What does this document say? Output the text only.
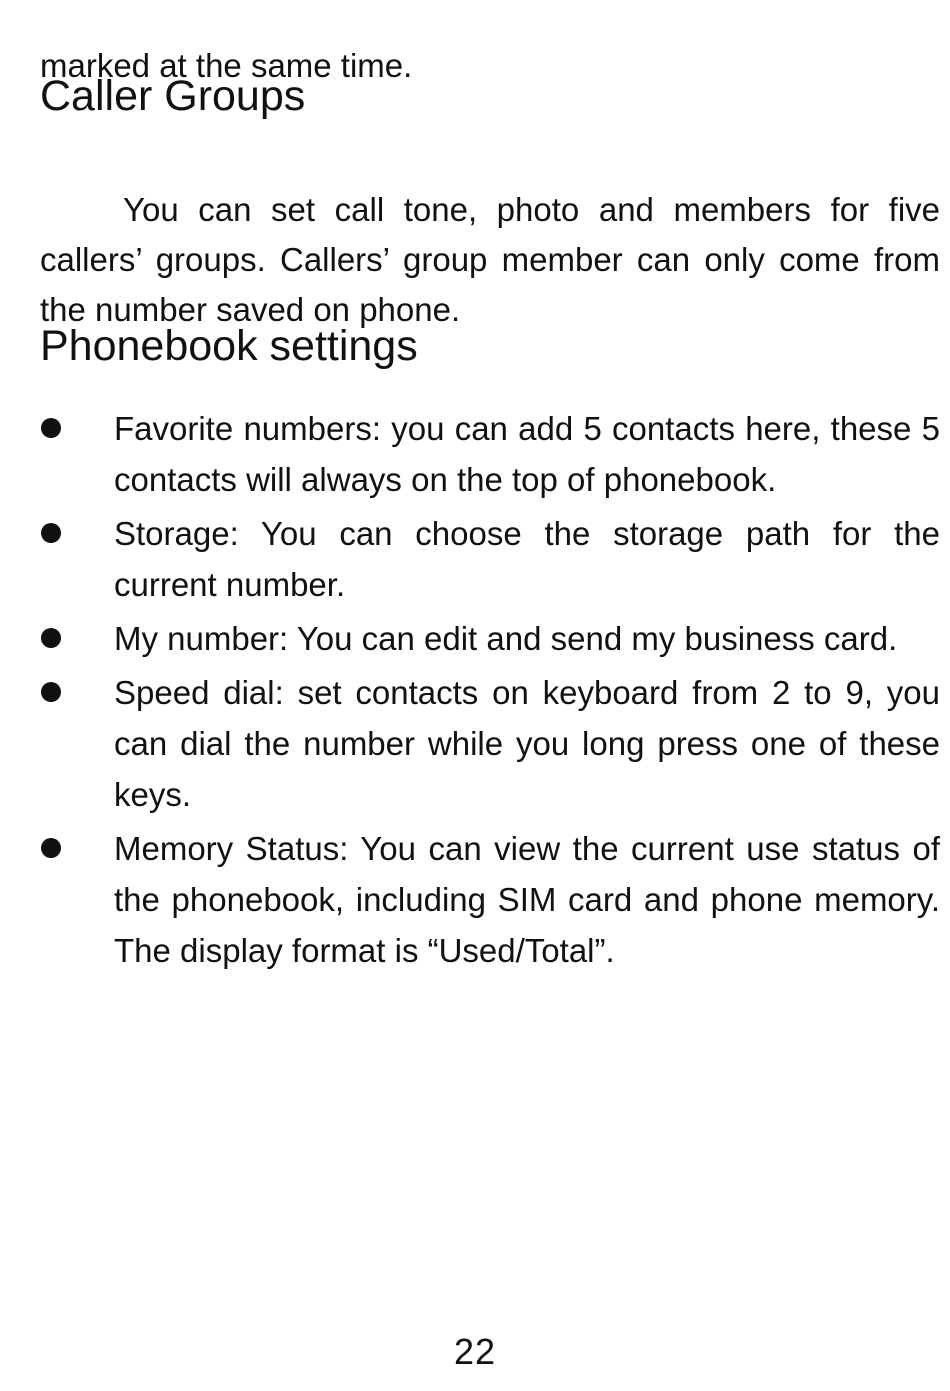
marked at the same time.

Caller Groups

You can set call tone, photo and members for five callers’ groups. Callers’ group member can only come from the number saved on phone.

Phonebook settings
Favorite numbers: you can add 5 contacts here, these 5 contacts will always on the top of phonebook.
Storage: You can choose the storage path for the current number.
My number: You can edit and send my business card.
Speed dial: set contacts on keyboard from 2 to 9, you can dial the number while you long press one of these keys.
Memory Status: You can view the current use status of the phonebook, including SIM card and phone memory. The display format is “Used/Total”.
22
